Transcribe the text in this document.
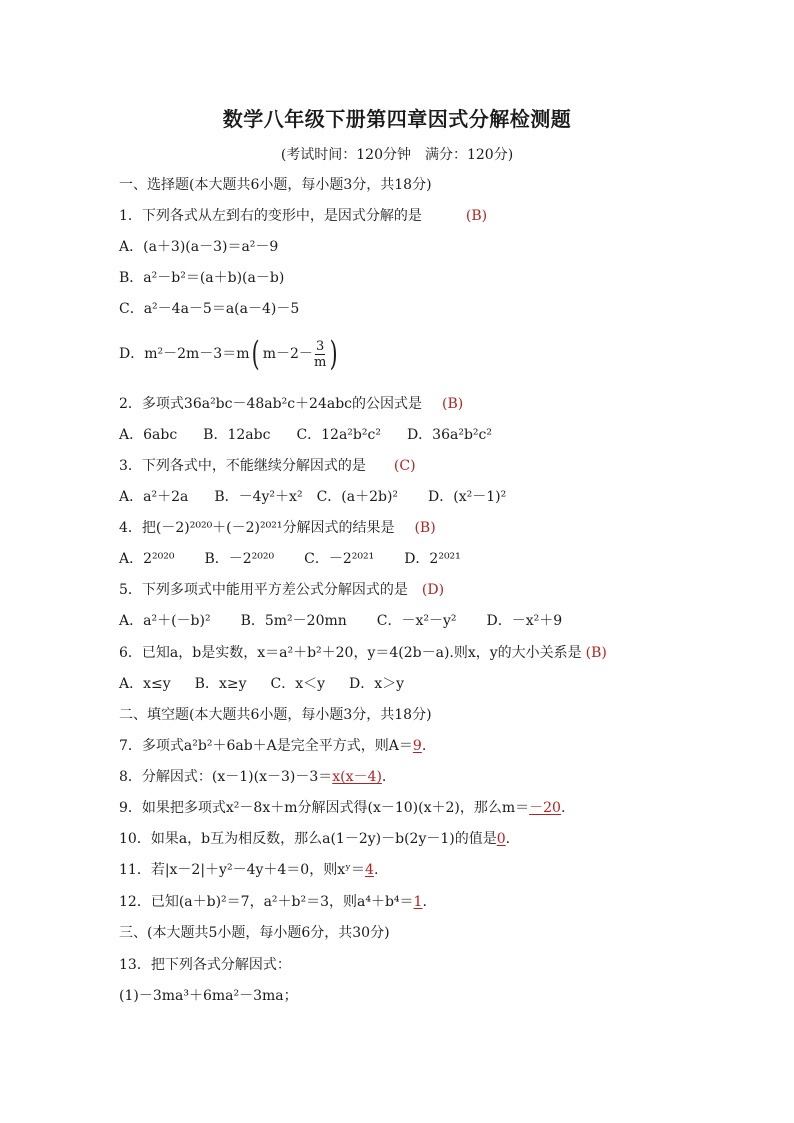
数学八年级下册第四章因式分解检测题
(考试时间：120分钟　满分：120分)
一、选择题(本大题共6小题，每小题3分，共18分)
1．下列各式从左到右的变形中，是因式分解的是	(B)
A．(a＋3)(a－3)＝a²－9
B．a²－b²＝(a＋b)(a－b)
C．a²－4a－5＝a(a－4)－5
D．m²－2m－3＝m ( $m-2- \frac{3}{m}$ )
2．多项式36a²bc－48ab²c＋24abc的公因式是 (B)
A．6abc B．12abc C．12a²b²c² D．36a²b²c²
3．下列各式中，不能继续分解因式的是 (C)
A．a²＋2a B．－4y²＋x² C．(a＋2b)² D．(x²－1)²
4．把(－2)²⁰²⁰＋(－2)²⁰²¹分解因式的结果是 (B)
A．2²⁰²⁰ B．－2²⁰²⁰ C．－2²⁰²¹ D．2²⁰²¹
5．下列多项式中能用平方差公式分解因式的是 (D)
A．a²＋(－b)² B．5m²－20mn C．－x²－y² D．－x²＋9
6．已知a，b是实数，x＝a²＋b²＋20，y＝4(2b－a).则x，y的大小关系是 (B)
A．x≤y B．x≥y C．x＜y D．x＞y
二、填空题(本大题共6小题，每小题3分，共18分)
7．多项式a²b²＋6ab＋A是完全平方式，则A＝9.
8．分解因式：(x－1)(x－3)－3＝x(x－4).
9．如果把多项式x²－8x＋m分解因式得(x－10)(x＋2)，那么m＝－20.
10．如果a，b互为相反数，那么a(1－2y)－b(2y－1)的值是0.
11．若|x－2|＋y²－4y＋4＝0，则xʸ＝4.
12．已知(a＋b)²＝7，a²＋b²＝3，则a⁴＋b⁴＝1.
三、(本大题共5小题，每小题6分，共30分)
13．把下列各式分解因式：
(1)－3ma³＋6ma²－3ma；
